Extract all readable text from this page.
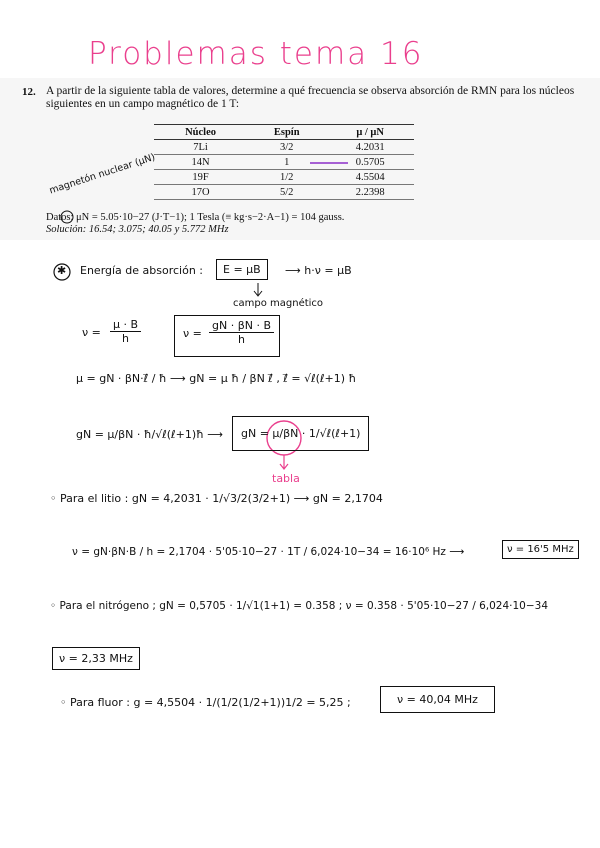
Problemas tema 16
12. A partir de la siguiente tabla de valores, determine a qué frecuencia se observa absorción de RMN para los núcleos siguientes en un campo magnético de 1 T:
Núcleo	Espín	μ / μN
7Li	3/2	4.2031
14N	1	0.5705
19F	1/2	4.5504
17O	5/2	2.2398
Datos: μN = 5.05·10−27 (J·T−1); 1 Tesla (≡ kg·s−2·A−1) = 104 gauss.
Solución: 16.54; 3.075; 40.05 y 5.772 MHz
magnetón nuclear (μN)
✱ Energía de absorción :	E = μB	⟶ h·ν = μB
campo magnético
$\nu = \frac{\mu \cdot B}{h}$	$\nu = \frac{gN \cdot \beta N \cdot B}{h}$
μ = gN · βN·ℓ⃗ / ħ ⟶ gN = μ ħ / βN ℓ⃗ , ℓ⃗ = √ℓ(ℓ+1) ħ
gN = μ/βN · ħ/√ℓ(ℓ+1)ħ ⟶	gN = μ/βN · 1/√ℓ(ℓ+1)
tabla
◦ Para el litio : gN = 4,2031 · 1/√3/2(3/2+1) ⟶ gN = 2,1704
ν = gN·βN·B / h = 2,1704 · 5'05·10−27 · 1T / 6,024·10−34 = 16·10⁶ Hz ⟶	ν = 16'5 MHz
◦ Para el nitrógeno ; gN = 0,5705 · 1/√1(1+1) = 0.358 ; ν = 0.358 · 5'05·10−27 / 6,024·10−34
ν = 2,33 MHz
◦ Para fluor : g = 4,5504 · 1/(1/2(1/2+1))1/2 = 5,25 ;	ν = 40,04 MHz
